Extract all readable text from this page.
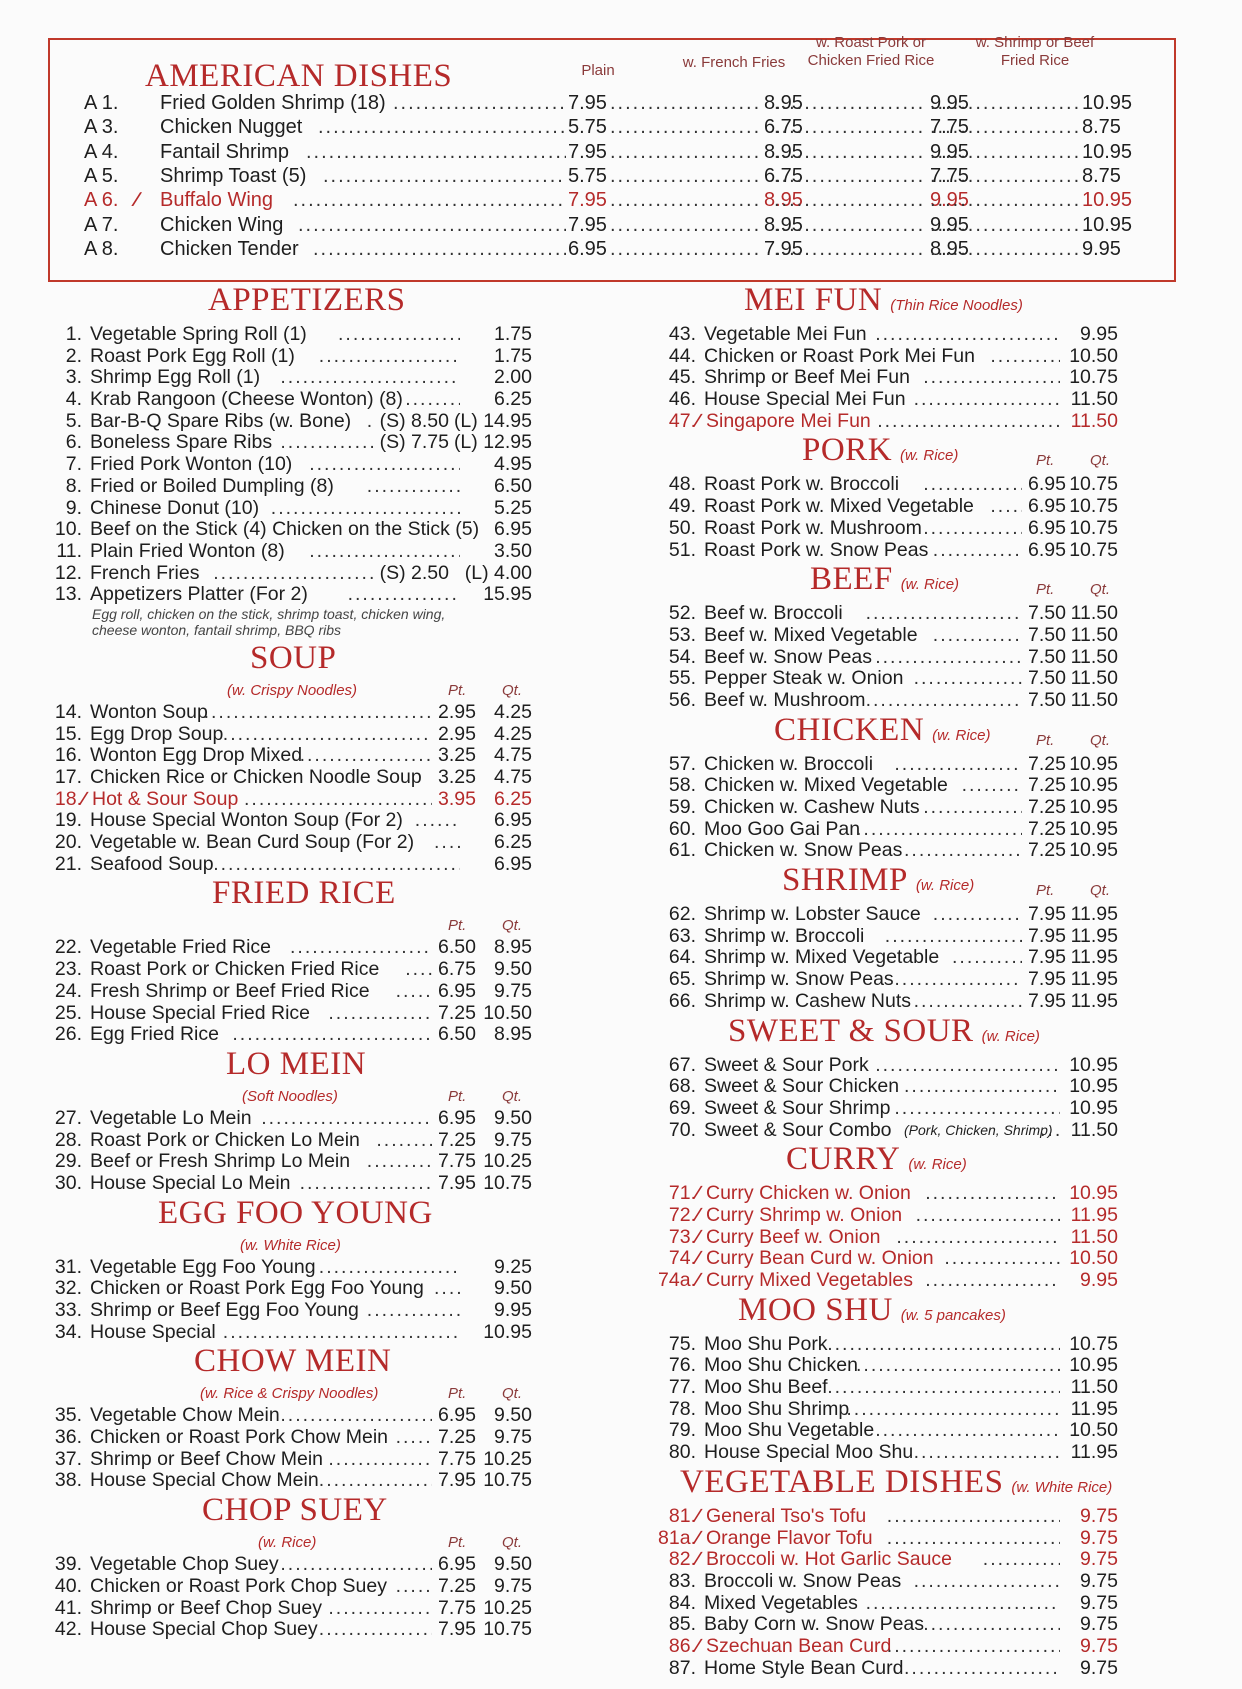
AMERICAN DISHES	Plain	w. French Fries
w. Roast Pork or
Chicken Fried Rice
w. Shrimp or Beef
Fried Rice
A 1. Fried Golden Shrimp (18) .....	7.95 .....	8.95 .....	9.95 .....	10.95
A 3. Chicken Nugget .....	5.75 .....	6.75 .....	7.75 .....	8.75
A 4. Fantail Shrimp .....	7.95 .....	8.95 .....	9.95 .....	10.95
A 5. Shrimp Toast (5) .....	5.75 .....	6.75 .....	7.75 .....	8.75
A 6. ∕ Buffalo Wing .....	7.95 .....	8.95 .....	9.95 .....	10.95
A 7. Chicken Wing .....	7.95 .....	8.95 .....	9.95 .....	10.95
A 8. Chicken Tender .....	6.95 .....	7.95 .....	8.95 .....	9.95
APPETIZERS
1. Vegetable Spring Roll (1) .....	1.75
2. Roast Pork Egg Roll (1) .....	1.75
3. Shrimp Egg Roll (1) .....	2.00
4. Krab Rangoon (Cheese Wonton) (8) .....	6.25
5. Bar-B-Q Spare Ribs (w. Bone) ..... (S) 8.50 (L) 14.95
6. Boneless Spare Ribs .....	(S) 7.75 (L) 12.95
7. Fried Pork Wonton (10) .....	4.95
8. Fried or Boiled Dumpling (8) .....	6.50
9. Chinese Donut (10) .....	5.25
10. Beef on the Stick (4) Chicken on the Stick (5) 6.95
11. Plain Fried Wonton (8) .....	3.50
12. French Fries .....	(S) 2.50 (L) 4.00
13. Appetizers Platter (For 2) .....	15.95
Egg roll, chicken on the stick, shrimp toast, chicken wing,
cheese wonton, fantail shrimp, BBQ ribs
SOUP
(w. Crispy Noodles)	Pt. Qt.
14. Wonton Soup .....	2.95 4.25
15. Egg Drop Soup .....	2.95 4.25
16. Wonton Egg Drop Mixed .....	3.25 4.75
17. Chicken Rice or Chicken Noodle Soup 3.25 4.75
18. ∕ Hot & Sour Soup .....	3.95 6.25
19. House Special Wonton Soup (For 2) .....	6.95
20. Vegetable w. Bean Curd Soup (For 2) .....	6.25
21. Seafood Soup .....	6.95
FRIED RICE
Pt. Qt.
22. Vegetable Fried Rice .....	6.50 8.95
23. Roast Pork or Chicken Fried Rice .....	6.75 9.50
24. Fresh Shrimp or Beef Fried Rice .....	6.95 9.75
25. House Special Fried Rice .....	7.25 10.50
26. Egg Fried Rice .....	6.50 8.95
LO MEIN
(Soft Noodles)	Pt. Qt.
27. Vegetable Lo Mein .....	6.95 9.50
28. Roast Pork or Chicken Lo Mein .....	7.25 9.75
29. Beef or Fresh Shrimp Lo Mein .....	7.75 10.25
30. House Special Lo Mein .....	7.95 10.75
EGG FOO YOUNG
(w. White Rice)
31. Vegetable Egg Foo Young .....	9.25
32. Chicken or Roast Pork Egg Foo Young .....	9.50
33. Shrimp or Beef Egg Foo Young .....	9.95
34. House Special .....	10.95
CHOW MEIN
(w. Rice & Crispy Noodles)	Pt. Qt.
35. Vegetable Chow Mein .....	6.95 9.50
36. Chicken or Roast Pork Chow Mein .....	7.25 9.75
37. Shrimp or Beef Chow Mein .....	7.75 10.25
38. House Special Chow Mein .....	7.95 10.75
CHOP SUEY
(w. Rice)	Pt. Qt.
39. Vegetable Chop Suey .....	6.95 9.50
40. Chicken or Roast Pork Chop Suey .....	7.25 9.75
41. Shrimp or Beef Chop Suey .....	7.75 10.25
42. House Special Chop Suey .....	7.95 10.75
MEI FUN (Thin Rice Noodles)
43. Vegetable Mei Fun .....	9.95
44. Chicken or Roast Pork Mei Fun .....	10.50
45. Shrimp or Beef Mei Fun .....	10.75
46. House Special Mei Fun .....	11.50
47. ∕ Singapore Mei Fun .....	11.50
PORK (w. Rice)	Pt. Qt.
48. Roast Pork w. Broccoli .....	6.95 10.75
49. Roast Pork w. Mixed Vegetable .....	6.95 10.75
50. Roast Pork w. Mushroom .....	6.95 10.75
51. Roast Pork w. Snow Peas .....	6.95 10.75
BEEF (w. Rice)	Pt. Qt.
52. Beef w. Broccoli .....	7.50 11.50
53. Beef w. Mixed Vegetable .....	7.50 11.50
54. Beef w. Snow Peas .....	7.50 11.50
55. Pepper Steak w. Onion .....	7.50 11.50
56. Beef w. Mushroom .....	7.50 11.50
CHICKEN (w. Rice)	Pt. Qt.
57. Chicken w. Broccoli .....	7.25 10.95
58. Chicken w. Mixed Vegetable .....	7.25 10.95
59. Chicken w. Cashew Nuts .....	7.25 10.95
60. Moo Goo Gai Pan .....	7.25 10.95
61. Chicken w. Snow Peas .....	7.25 10.95
SHRIMP (w. Rice)	Pt. Qt.
62. Shrimp w. Lobster Sauce .....	7.95 11.95
63. Shrimp w. Broccoli .....	7.95 11.95
64. Shrimp w. Mixed Vegetable .....	7.95 11.95
65. Shrimp w. Snow Peas .....	7.95 11.95
66. Shrimp w. Cashew Nuts .....	7.95 11.95
SWEET & SOUR (w. Rice)
67. Sweet & Sour Pork .....	10.95
68. Sweet & Sour Chicken .....	10.95
69. Sweet & Sour Shrimp .....	10.95
70. Sweet & Sour Combo (Pork, Chicken, Shrimp) ..... 11.50
CURRY (w. Rice)
71. ∕ Curry Chicken w. Onion .....	10.95
72. ∕ Curry Shrimp w. Onion .....	11.95
73. ∕ Curry Beef w. Onion .....	11.50
74. ∕ Curry Bean Curd w. Onion .....	10.50
74a. ∕ Curry Mixed Vegetables .....	9.95
MOO SHU (w. 5 pancakes)
75. Moo Shu Pork .....	10.75
76. Moo Shu Chicken .....	10.95
77. Moo Shu Beef .....	11.50
78. Moo Shu Shrimp .....	11.95
79. Moo Shu Vegetable .....	10.50
80. House Special Moo Shu .....	11.95
VEGETABLE DISHES (w. White Rice)
81. ∕ General Tso's Tofu .....	9.75
81a. ∕ Orange Flavor Tofu .....	9.75
82. ∕ Broccoli w. Hot Garlic Sauce .....	9.75
83. Broccoli w. Snow Peas .....	9.75
84. Mixed Vegetables .....	9.75
85. Baby Corn w. Snow Peas .....	9.75
86. ∕ Szechuan Bean Curd .....	9.75
87. Home Style Bean Curd .....	9.75
